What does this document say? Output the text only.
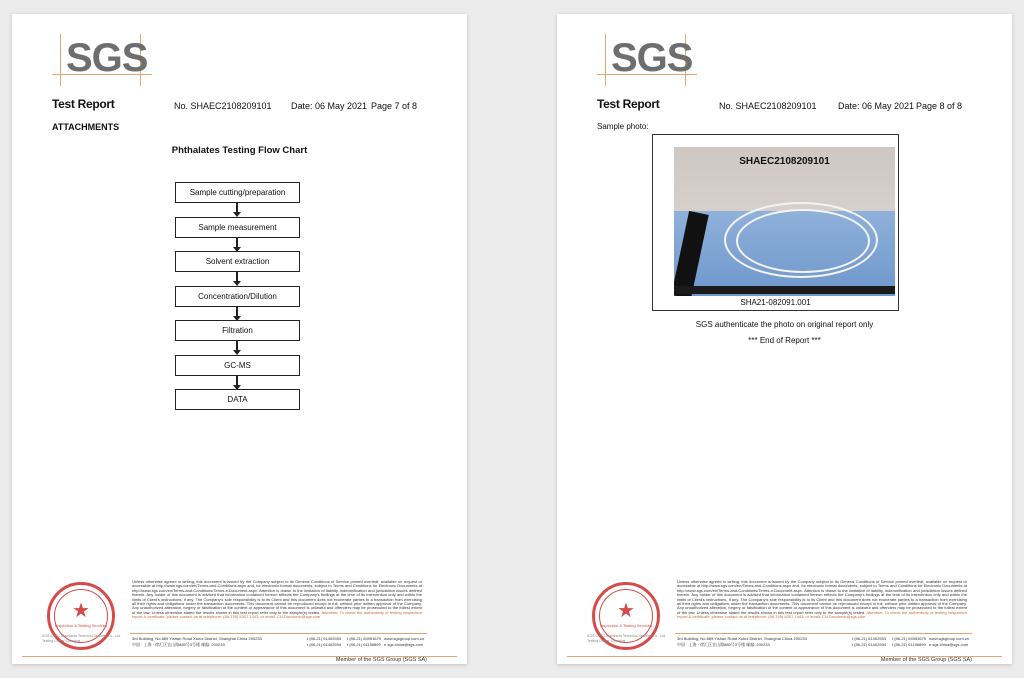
SGS
Test Report	No. SHAEC2108209101 Date: 06 May 2021 Page 7 of 8
ATTACHMENTS
Phthalates Testing Flow Chart
Sample cutting/preparation
Sample measurement
Solvent extraction
Concentration/Dilution
Filtration
GC-MS
DATA
★
Inspection & Testing Services
SGS-CSTC Standards Technical Services Co., Ltd. Testing Center Shanghai
Unless otherwise agreed in writing, this document is issued by the Company subject to its General Conditions of Service printed overleaf, available on request or accessible at http://www.sgs.com/en/Terms-and-Conditions.aspx and, for electronic format documents, subject to Terms and Conditions for Electronic Documents at http://www.sgs.com/en/Terms-and-Conditions/Terms-e-Document.aspx. Attention is drawn to the limitation of liability, indemnification and jurisdiction issues defined therein. Any holder of this document is advised that information contained hereon reflects the Company's findings at the time of its intervention only and within the limits of Client's instructions, if any. The Company's sole responsibility is to its Client and this document does not exonerate parties to a transaction from exercising all their rights and obligations under the transaction documents. This document cannot be reproduced except in full, without prior written approval of the Company. Any unauthorized alteration, forgery or falsification of the content or appearance of this document is unlawful and offenders may be prosecuted to the fullest extent of the law. Unless otherwise stated the results shown in this test report refer only to the sample(s) tested. Attention: To check the authenticity of testing /inspection report & certificate, please contact us at telephone: (86-755) 8307 1443, or email: CN.Doccheck@sgs.com
3rd Building, No.889 Yishan Road Xuhui District, Shanghai China 200233	t (86-21) 61402553 f (86-21) 64953679 www.sgsgroup.com.cn
中国 · 上海 · 徐汇区宜山路889号3号楼 邮编: 200233	t (86-21) 61402594 f (86-21) 61156899 e sgs.china@sgs.com
Member of the SGS Group (SGS SA)
SGS
Test Report	No. SHAEC2108209101 Date: 06 May 2021 Page 8 of 8
Sample photo:
SHAEC2108209101
SHA21-082091.001
SGS authenticate the photo on original report only
*** End of Report ***
★
Inspection & Testing Services
SGS-CSTC Standards Technical Services Co., Ltd. Testing Center Shanghai
Unless otherwise agreed in writing, this document is issued by the Company subject to its General Conditions of Service printed overleaf, available on request or accessible at http://www.sgs.com/en/Terms-and-Conditions.aspx and, for electronic format documents, subject to Terms and Conditions for Electronic Documents at http://www.sgs.com/en/Terms-and-Conditions/Terms-e-Document.aspx. Attention is drawn to the limitation of liability, indemnification and jurisdiction issues defined therein. Any holder of this document is advised that information contained hereon reflects the Company's findings at the time of its intervention only and within the limits of Client's instructions, if any. The Company's sole responsibility is to its Client and this document does not exonerate parties to a transaction from exercising all their rights and obligations under the transaction documents. This document cannot be reproduced except in full, without prior written approval of the Company. Any unauthorized alteration, forgery or falsification of the content or appearance of this document is unlawful and offenders may be prosecuted to the fullest extent of the law. Unless otherwise stated the results shown in this test report refer only to the sample(s) tested. Attention: To check the authenticity of testing /inspection report & certificate, please contact us at telephone: (86-755) 8307 1443, or email: CN.Doccheck@sgs.com
3rd Building, No.889 Yishan Road Xuhui District, Shanghai China 200233	t (86-21) 61402553 f (86-21) 64953679 www.sgsgroup.com.cn
中国 · 上海 · 徐汇区宜山路889号3号楼 邮编: 200233	t (86-21) 61402594 f (86-21) 61156899 e sgs.china@sgs.com
Member of the SGS Group (SGS SA)
